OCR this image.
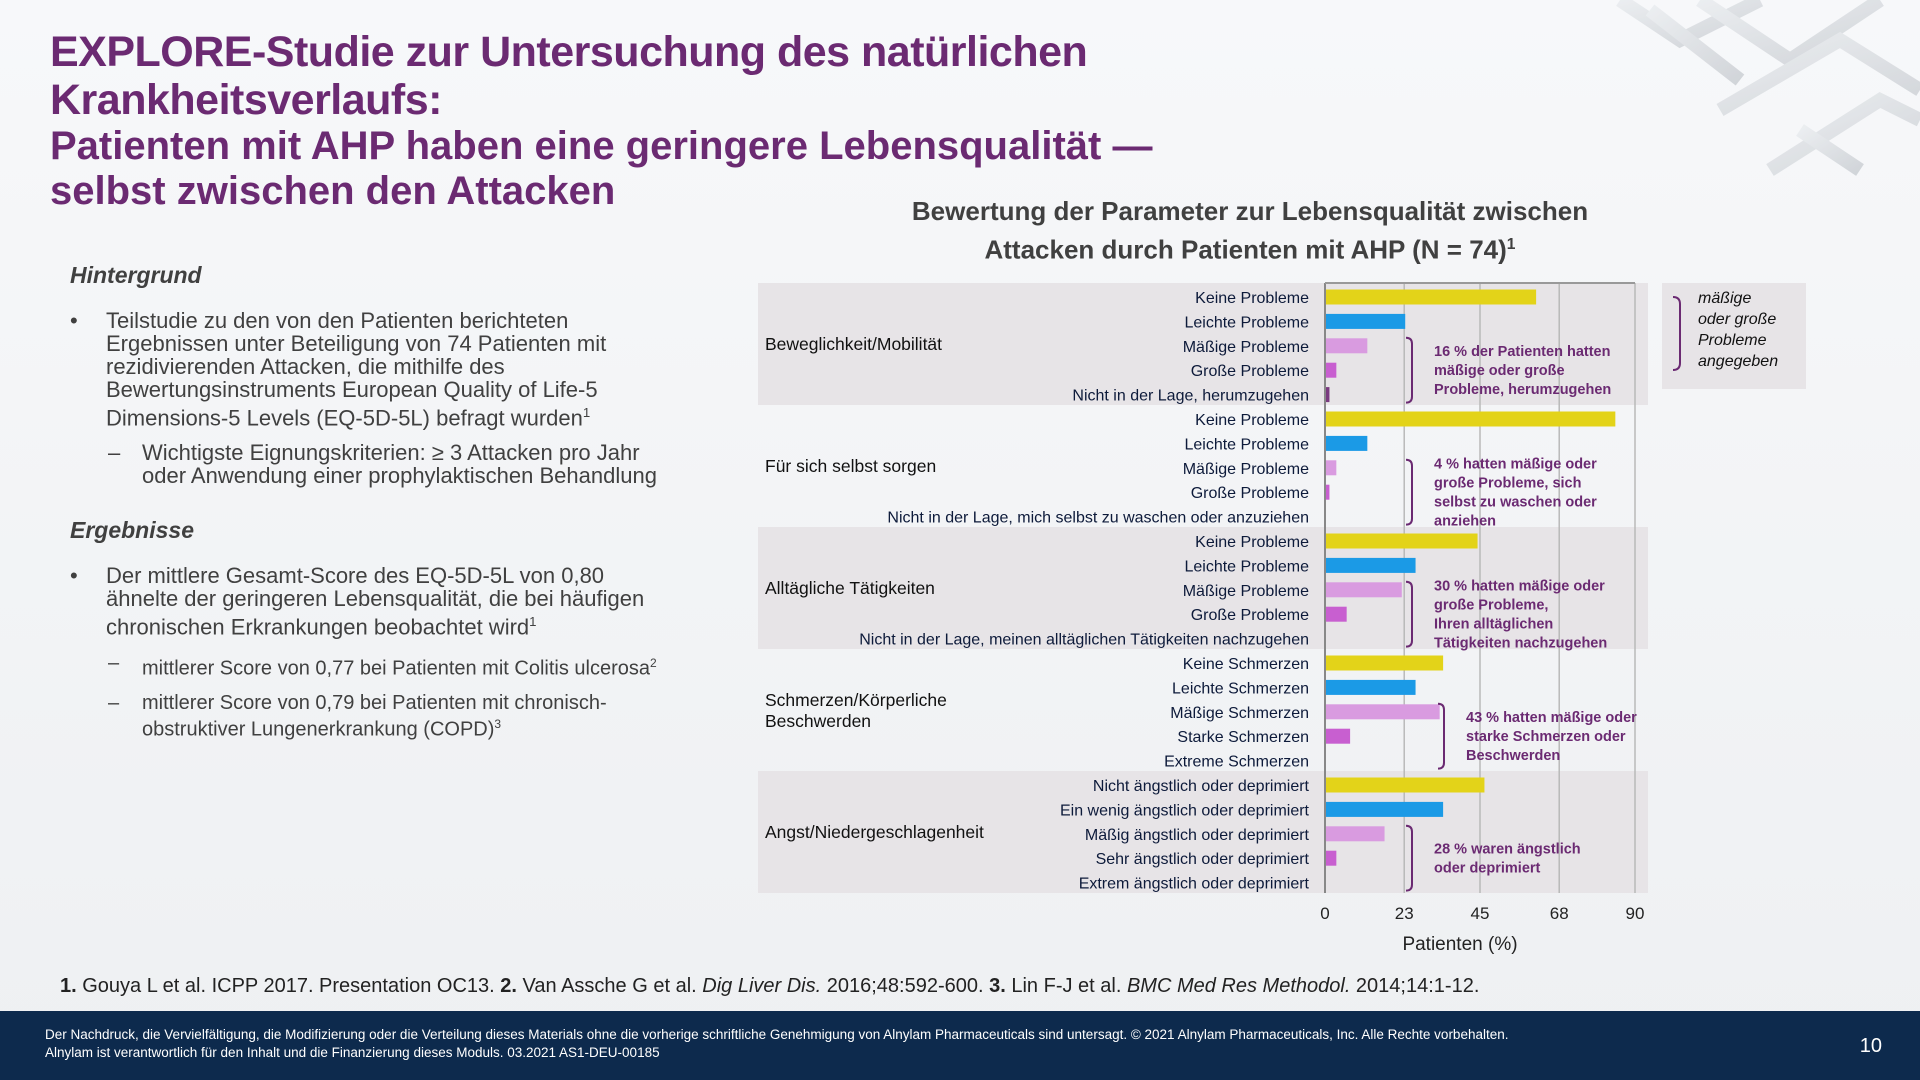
EXPLORE-Studie zur Untersuchung des natürlichen Krankheitsverlaufs:
Patienten mit AHP haben eine geringere Lebensqualität —
selbst zwischen den Attacken
Hintergrund
• Teilstudie zu den von den Patienten berichteten Ergebnissen unter Beteiligung von 74 Patienten mit rezidivierenden Attacken, die mithilfe des Bewertungsinstruments European Quality of Life-5 Dimensions-5 Levels (EQ-5D-5L) befragt wurden$^1$
– Wichtigste Eignungskriterien: ≥ 3 Attacken pro Jahr oder Anwendung einer prophylaktischen Behandlung
Ergebnisse
• Der mittlere Gesamt-Score des EQ-5D-5L von 0,80 ähnelte der geringeren Lebensqualität, die bei häufigen chronischen Erkrankungen beobachtet wird$^1$
– mittlerer Score von 0,77 bei Patienten mit Colitis ulcerosa$^2$
– mittlerer Score von 0,79 bei Patienten mit chronisch-obstruktiver Lungenerkrankung (COPD)$^3$
Bewertung der Parameter zur Lebensqualität zwischen
Attacken durch Patienten mit AHP (N = 74)$^1$
0	23	45	68	90
Patienten (%)
Beweglichkeit/Mobilität
Keine Probleme
Leichte Probleme
Mäßige Probleme
Große Probleme
Nicht in der Lage, herumzugehen
16 % der Patienten hatten
mäßige oder große
Probleme, herumzugehen
Für sich selbst sorgen
Keine Probleme
Leichte Probleme
Mäßige Probleme
Große Probleme
Nicht in der Lage, mich selbst zu waschen oder anzuziehen
4 % hatten mäßige oder
große Probleme, sich
selbst zu waschen oder
anziehen
Alltägliche Tätigkeiten
Keine Probleme
Leichte Probleme
Mäßige Probleme
Große Probleme
Nicht in der Lage, meinen alltäglichen Tätigkeiten nachzugehen
30 % hatten mäßige oder
große Probleme,
Ihren alltäglichen
Tätigkeiten nachzugehen
Schmerzen/Körperliche
Beschwerden
Keine Schmerzen
Leichte Schmerzen
Mäßige Schmerzen
Starke Schmerzen
Extreme Schmerzen
43 % hatten mäßige oder
starke Schmerzen oder
Beschwerden
Angst/Niedergeschlagenheit
Nicht ängstlich oder deprimiert
Ein wenig ängstlich oder deprimiert
Mäßig ängstlich oder deprimiert
Sehr ängstlich oder deprimiert
Extrem ängstlich oder deprimiert
28 % waren ängstlich
oder deprimiert
mäßige
oder große
Probleme
angegeben
1. Gouya L et al. ICPP 2017. Presentation OC13. 2. Van Assche G et al. Dig Liver Dis. 2016;48:592-600. 3. Lin F-J et al. BMC Med Res Methodol. 2014;14:1-12.
Der Nachdruck, die Vervielfältigung, die Modifizierung oder die Verteilung dieses Materials ohne die vorherige schriftliche Genehmigung von Alnylam Pharmaceuticals sind untersagt. © 2021 Alnylam Pharmaceuticals, Inc. Alle Rechte vorbehalten.
Alnylam ist verantwortlich für den Inhalt und die Finanzierung dieses Moduls. 03.2021 AS1-DEU-00185	10
